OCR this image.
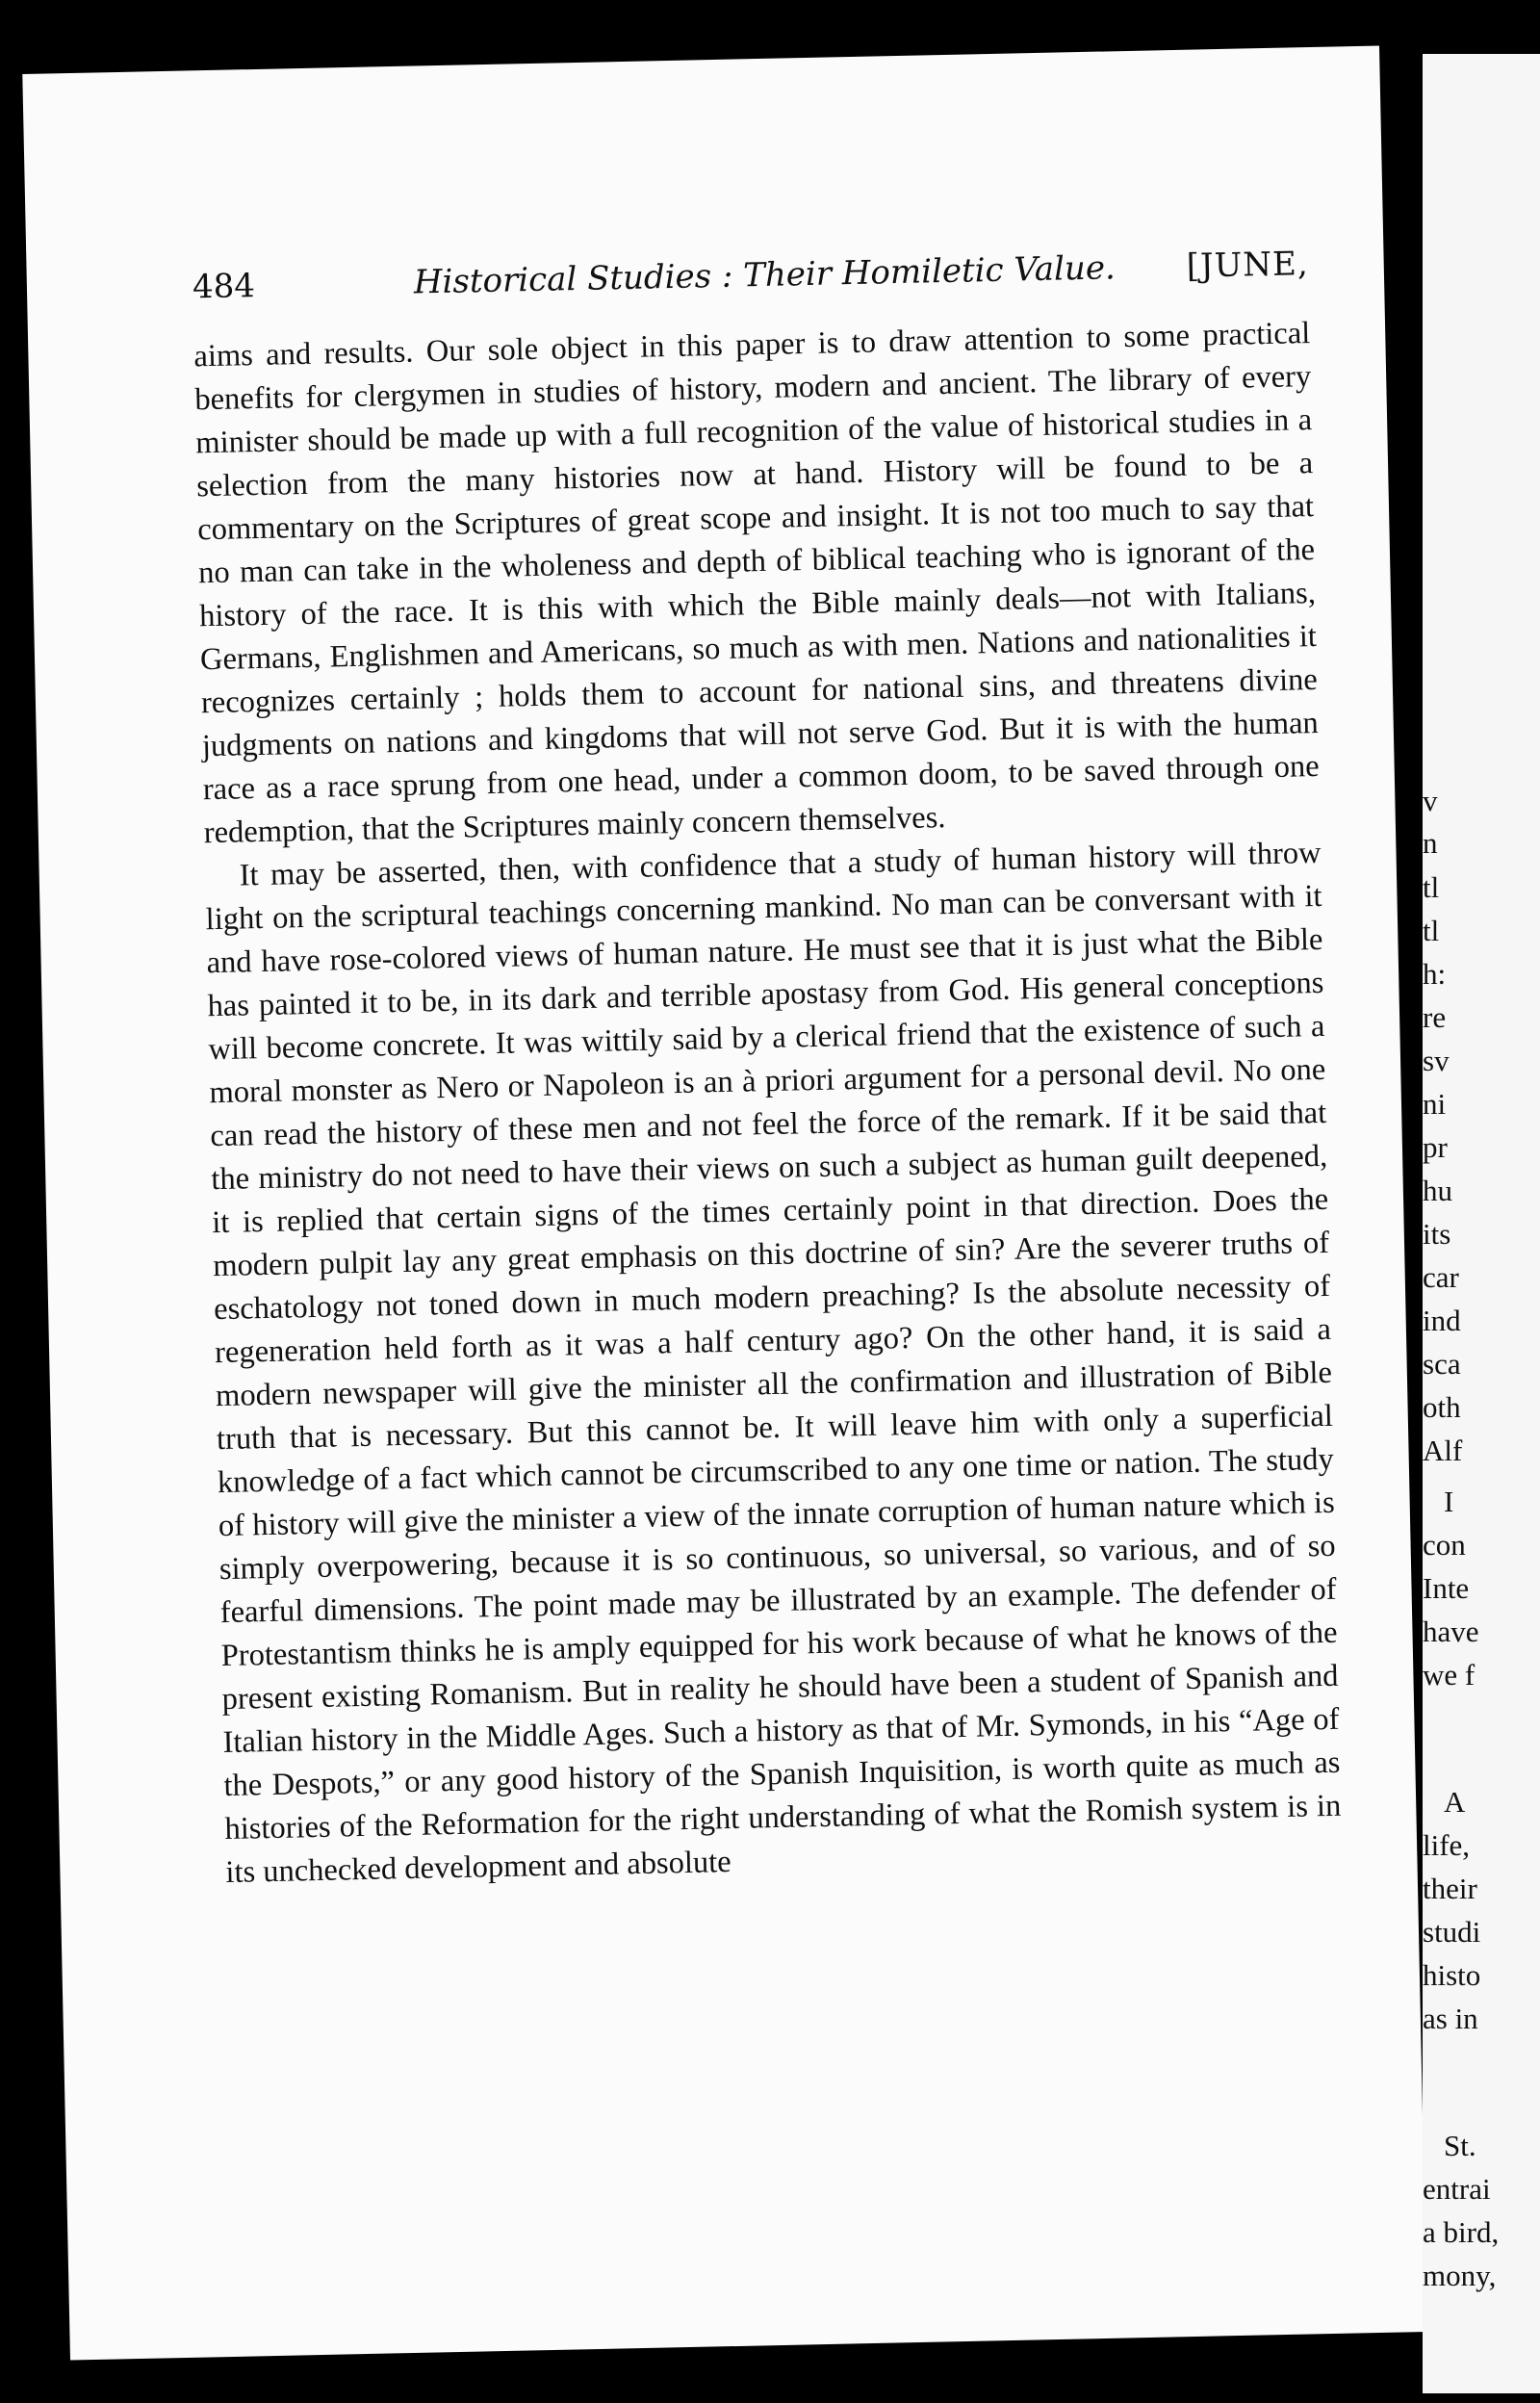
v
n
tl
tl
h:
re
sv
ni
pr
hu
its
car
ind
sca
oth
Alf
I
con
Inte
have
we f
A
life,
their
studi
histo
as in
St.
entrai
a bird,
mony,
484	Historical Studies : Their Homiletic Value. [JUNE,

aims and results. Our sole object in this paper is to draw attention to some practical benefits for clergymen in studies of history, modern and ancient. The library of every minister should be made up with a full recognition of the value of historical studies in a selection from the many histories now at hand. History will be found to be a commentary on the Scriptures of great scope and insight. It is not too much to say that no man can take in the wholeness and depth of biblical teaching who is ignorant of the history of the race. It is this with which the Bible mainly deals—not with Italians, Germans, Englishmen and Americans, so much as with men. Nations and nationalities it recognizes certainly ; holds them to account for national sins, and threatens divine judgments on nations and kingdoms that will not serve God. But it is with the human race as a race sprung from one head, under a common doom, to be saved through one redemption, that the Scriptures mainly concern themselves.

It may be asserted, then, with confidence that a study of human history will throw light on the scriptural teachings concerning mankind. No man can be conversant with it and have rose-colored views of human nature. He must see that it is just what the Bible has painted it to be, in its dark and terrible apostasy from God. His general conceptions will become concrete. It was wittily said by a clerical friend that the existence of such a moral monster as Nero or Napoleon is an à priori argument for a personal devil. No one can read the history of these men and not feel the force of the remark. If it be said that the ministry do not need to have their views on such a subject as human guilt deepened, it is replied that certain signs of the times certainly point in that direction. Does the modern pulpit lay any great emphasis on this doctrine of sin? Are the severer truths of eschatology not toned down in much modern preaching? Is the absolute necessity of regeneration held forth as it was a half century ago? On the other hand, it is said a modern newspaper will give the minister all the confirmation and illustration of Bible truth that is necessary. But this cannot be. It will leave him with only a superficial knowledge of a fact which cannot be circumscribed to any one time or nation. The study of history will give the minister a view of the innate corruption of human nature which is simply overpowering, because it is so continuous, so universal, so various, and of so fearful dimensions. The point made may be illustrated by an example. The defender of Protestantism thinks he is amply equipped for his work because of what he knows of the present existing Romanism. But in reality he should have been a student of Spanish and Italian history in the Middle Ages. Such a history as that of Mr. Symonds, in his “Age of the Despots,” or any good history of the Spanish Inquisition, is worth quite as much as histories of the Reformation for the right understanding of what the Romish system is in its unchecked development and absolute
